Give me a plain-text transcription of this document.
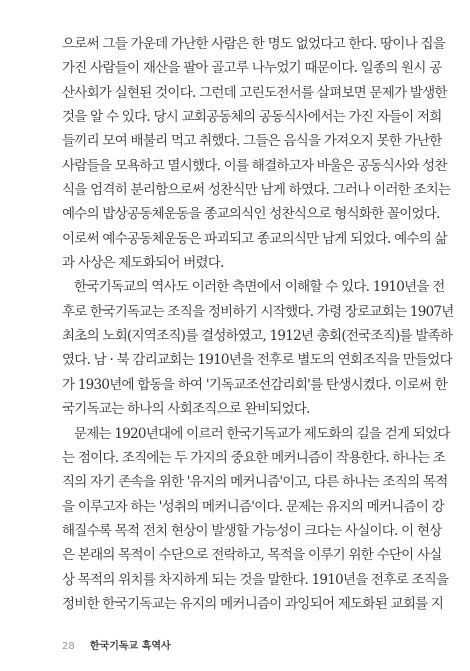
으로써 그들 가운데 가난한 사람은 한 명도 없었다고 한다. 땅이나 집을

가진 사람들이 재산을 팔아 골고루 나누었기 때문이다. 일종의 원시 공

산사회가 실현된 것이다. 그런데 고린도전서를 살펴보면 문제가 발생한

것을 알 수 있다. 당시 교회공동체의 공동식사에서는 가진 자들이 저희

들끼리 모여 배불리 먹고 취했다. 그들은 음식을 가져오지 못한 가난한

사람들을 모욕하고 멸시했다. 이를 해결하고자 바울은 공동식사와 성찬

식을 엄격히 분리함으로써 성찬식만 남게 하였다. 그러나 이러한 조치는

예수의 밥상공동체운동을 종교의식인 성찬식으로 형식화한 꼴이었다.

이로써 예수공동체운동은 파괴되고 종교의식만 남게 되었다. 예수의 삶

과 사상은 제도화되어 버렸다.

한국기독교의 역사도 이러한 측면에서 이해할 수 있다. 1910년을 전

후로 한국기독교는 조직을 정비하기 시작했다. 가령 장로교회는 1907년

최초의 노회(지역조직)를 결성하였고, 1912년 총회(전국조직)를 발족하

였다. 남 · 북 감리교회는 1910년을 전후로 별도의 연회조직을 만들었다

가 1930년에 합동을 하여 '기독교조선감리회'를 탄생시켰다. 이로써 한

국기독교는 하나의 사회조직으로 완비되었다.

문제는 1920년대에 이르러 한국기독교가 제도화의 길을 걷게 되었다

는 점이다. 조직에는 두 가지의 중요한 메커니즘이 작용한다. 하나는 조

직의 자기 존속을 위한 '유지의 메커니즘'이고, 다른 하나는 조직의 목적

을 이루고자 하는 '성취의 메커니즘'이다. 문제는 유지의 메커니즘이 강

해질수록 목적 전치 현상이 발생할 가능성이 크다는 사실이다. 이 현상

은 본래의 목적이 수단으로 전락하고, 목적을 이루기 위한 수단이 사실

상 목적의 위치를 차지하게 되는 것을 말한다. 1910년을 전후로 조직을

정비한 한국기독교는 유지의 메커니즘이 과잉되어 제도화된 교회를 지

28 한국기독교 흑역사
